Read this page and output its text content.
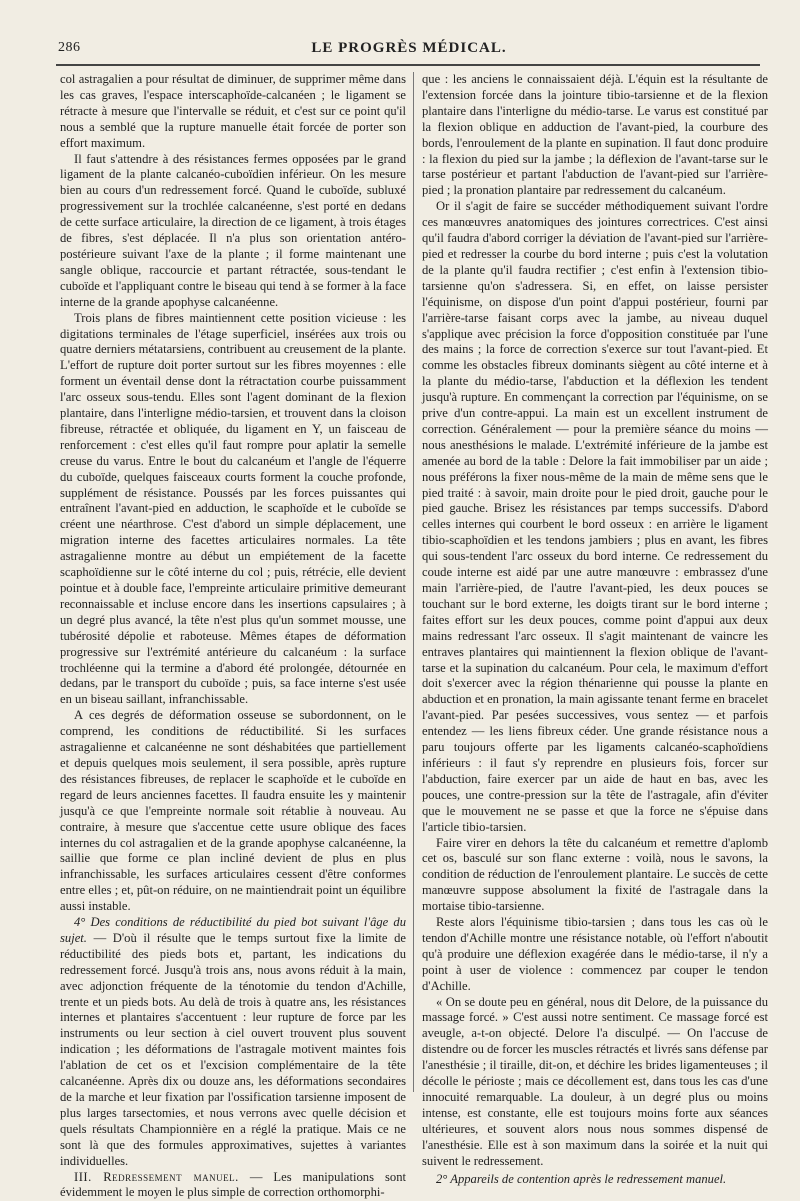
286	LE PROGRÈS MÉDICAL.

col astragalien a pour résultat de diminuer, de supprimer même dans les cas graves, l'espace interscaphoïde-calcanéen ; le ligament se rétracte à mesure que l'intervalle se réduit, et c'est sur ce point qu'il nous a semblé que la rupture manuelle était forcée de porter son effort maximum.

Il faut s'attendre à des résistances fermes opposées par le grand ligament de la plante calcanéo-cuboïdien inférieur. On les mesure bien au cours d'un redressement forcé. Quand le cuboïde, subluxé progressivement sur la trochlée calcanéenne, s'est porté en dedans de cette surface articulaire, la direction de ce ligament, à trois étages de fibres, s'est déplacée. Il n'a plus son orientation antéro-postérieure suivant l'axe de la plante ; il forme maintenant une sangle oblique, raccourcie et partant rétractée, sous-tendant le cuboïde et l'appliquant contre le biseau qui tend à se former à la face interne de la grande apophyse calcanéenne.

Trois plans de fibres maintiennent cette position vicieuse : les digitations terminales de l'étage superficiel, insérées aux trois ou quatre derniers métatarsiens, contribuent au creusement de la plante. L'effort de rupture doit porter surtout sur les fibres moyennes : elle forment un éventail dense dont la rétractation courbe puissamment l'arc osseux sous-tendu. Elles sont l'agent dominant de la flexion plantaire, dans l'interligne médio-tarsien, et trouvent dans la cloison fibreuse, rétractée et obliquée, du ligament en Y, un faisceau de renforcement : c'est elles qu'il faut rompre pour aplatir la semelle creuse du varus. Entre le bout du calcanéum et l'angle de l'équerre du cuboïde, quelques faisceaux courts forment la couche profonde, supplément de résistance. Poussés par les forces puissantes qui entraînent l'avant-pied en adduction, le scaphoïde et le cuboïde se créent une néarthrose. C'est d'abord un simple déplacement, une migration interne des facettes articulaires normales. La tête astragalienne montre au début un empiétement de la facette scaphoïdienne sur le côté interne du col ; puis, rétrécie, elle devient pointue et à double face, l'empreinte articulaire primitive demeurant reconnaissable et incluse encore dans les insertions capsulaires ; à un degré plus avancé, la tête n'est plus qu'un sommet mousse, une tubérosité dépolie et raboteuse. Mêmes étapes de déformation progressive sur l'extrémité antérieure du calcanéum : la surface trochléenne qui la termine a d'abord été prolongée, détournée en dedans, par le transport du cuboïde ; puis, sa face interne s'est usée en un biseau saillant, infranchissable.

A ces degrés de déformation osseuse se subordonnent, on le comprend, les conditions de réductibilité. Si les surfaces astragalienne et calcanéenne ne sont déshabitées que partiellement et depuis quelques mois seulement, il sera possible, après rupture des résistances fibreuses, de replacer le scaphoïde et le cuboïde en regard de leurs anciennes facettes. Il faudra ensuite les y maintenir jusqu'à ce que l'empreinte normale soit rétablie à nouveau. Au contraire, à mesure que s'accentue cette usure oblique des faces internes du col astragalien et de la grande apophyse calcanéenne, la saillie que forme ce plan incliné devient de plus en plus infranchissable, les surfaces articulaires cessent d'être conformes entre elles ; et, pût-on réduire, on ne maintiendrait point un équilibre aussi instable.

4° Des conditions de réductibilité du pied bot suivant l'âge du sujet. — D'où il résulte que le temps surtout fixe la limite de réductibilité des pieds bots et, partant, les indications du redressement forcé. Jusqu'à trois ans, nous avons réduit à la main, avec adjonction fréquente de la ténotomie du tendon d'Achille, trente et un pieds bots. Au delà de trois à quatre ans, les résistances internes et plantaires s'accentuent : leur rupture de force par les instruments ou leur section à ciel ouvert trouvent plus souvent indication ; les déformations de l'astragale motivent maintes fois l'ablation de cet os et l'excision complémentaire de la tête calcanéenne. Après dix ou douze ans, les déformations secondaires de la marche et leur fixation par l'ossification tarsienne imposent de plus larges tarsectomies, et nous verrons avec quelle décision et quels résultats Championnière en a réglé la pratique. Mais ce ne sont là que des formules approximatives, sujettes à variantes individuelles.

III. Redressement manuel. — Les manipulations sont évidemment le moyen le plus simple de correction orthomorphi-

que : les anciens le connaissaient déjà. L'équin est la résultante de l'extension forcée dans la jointure tibio-tarsienne et de la flexion plantaire dans l'interligne du médio-tarse. Le varus est constitué par la flexion oblique en adduction de l'avant-pied, la courbure des bords, l'enroulement de la plante en supination. Il faut donc produire : la flexion du pied sur la jambe ; la déflexion de l'avant-tarse sur le tarse postérieur et partant l'abduction de l'avant-pied sur l'arrière-pied ; la pronation plantaire par redressement du calcanéum.

Or il s'agit de faire se succéder méthodiquement suivant l'ordre ces manœuvres anatomiques des jointures correctrices. C'est ainsi qu'il faudra d'abord corriger la déviation de l'avant-pied sur l'arrière-pied et redresser la courbe du bord interne ; puis c'est la volutation de la plante qu'il faudra rectifier ; c'est enfin à l'extension tibio-tarsienne qu'on s'adressera. Si, en effet, on laisse persister l'équinisme, on dispose d'un point d'appui postérieur, fourni par l'arrière-tarse faisant corps avec la jambe, au niveau duquel s'applique avec précision la force d'opposition constituée par l'une des mains ; la force de correction s'exerce sur tout l'avant-pied. Et comme les obstacles fibreux dominants siègent au côté interne et à la plante du médio-tarse, l'abduction et la déflexion les tendent jusqu'à rupture. En commençant la correction par l'équinisme, on se prive d'un contre-appui. La main est un excellent instrument de correction. Généralement — pour la première séance du moins — nous anesthésions le malade. L'extrémité inférieure de la jambe est amenée au bord de la table : Delore la fait immobiliser par un aide ; nous préférons la fixer nous-même de la main de même sens que le pied traité : à savoir, main droite pour le pied droit, gauche pour le pied gauche. Brisez les résistances par temps successifs. D'abord celles internes qui courbent le bord osseux : en arrière le ligament tibio-scaphoïdien et les tendons jambiers ; plus en avant, les fibres qui sous-tendent l'arc osseux du bord interne. Ce redressement du coude interne est aidé par une autre manœuvre : embrassez d'une main l'arrière-pied, de l'autre l'avant-pied, les deux pouces se touchant sur le bord externe, les doigts tirant sur le bord interne ; faites effort sur les deux pouces, comme point d'appui aux deux mains redressant l'arc osseux. Il s'agit maintenant de vaincre les entraves plantaires qui maintiennent la flexion oblique de l'avant-tarse et la supination du calcanéum. Pour cela, le maximum d'effort doit s'exercer avec la région thénarienne qui pousse la plante en abduction et en pronation, la main agissante tenant ferme en bracelet l'avant-pied. Par pesées successives, vous sentez — et parfois entendez — les liens fibreux céder. Une grande résistance nous a paru toujours offerte par les ligaments calcanéo-scaphoïdiens inférieurs : il faut s'y reprendre en plusieurs fois, forcer sur l'abduction, faire exercer par un aide de haut en bas, avec les pouces, une contre-pression sur la tête de l'astragale, afin d'éviter que le mouvement ne se passe et que la force ne s'épuise dans l'article tibio-tarsien.

Faire virer en dehors la tête du calcanéum et remettre d'aplomb cet os, basculé sur son flanc externe : voilà, nous le savons, la condition de réduction de l'enroulement plantaire. Le succès de cette manœuvre suppose absolument la fixité de l'astragale dans la mortaise tibio-tarsienne.

Reste alors l'équinisme tibio-tarsien ; dans tous les cas où le tendon d'Achille montre une résistance notable, où l'effort n'aboutit qu'à produire une déflexion exagérée dans le médio-tarse, il n'y a point à user de violence : commencez par couper le tendon d'Achille.

« On se doute peu en général, nous dit Delore, de la puissance du massage forcé. » C'est aussi notre sentiment. Ce massage forcé est aveugle, a-t-on objecté. Delore l'a disculpé. — On l'accuse de distendre ou de forcer les muscles rétractés et livrés sans défense par l'anesthésie ; il tiraille, dit-on, et déchire les brides ligamenteuses ; il décolle le périoste ; mais ce décollement est, dans tous les cas d'une innocuité remarquable. La douleur, à un degré plus ou moins intense, est constante, elle est toujours moins forte aux séances ultérieures, et souvent alors nous nous sommes dispensé de l'anesthésie. Elle est à son maximum dans la soirée et la nuit qui suivent le redressement.

2° Appareils de contention après le redressement manuel.
